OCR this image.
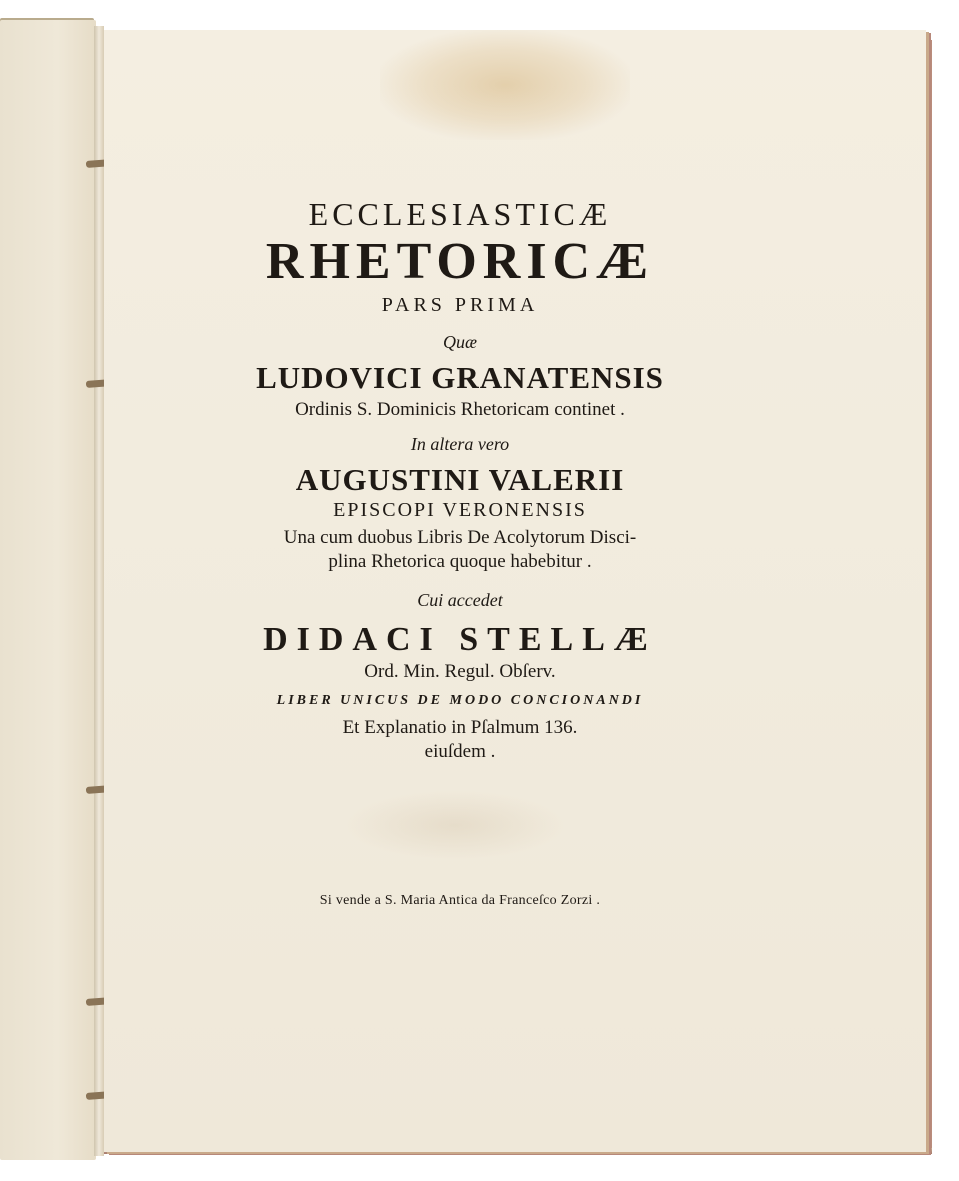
ECCLESIASTICÆ
RHETORICÆ
PARS PRIMA
Quæ
LUDOVICI GRANATENSIS
Ordinis S. Dominicis Rhetoricam continet .
In altera vero
AUGUSTINI VALERII
EPISCOPI VERONENSIS
Una cum duobus Libris De Acolytorum Disci-
plina Rhetorica quoque habebitur .
Cui accedet
DIDACI STELLÆ
Ord. Min. Regul. Obſerv.
LIBER UNICUS DE MODO CONCIONANDI
Et Explanatio in Pſalmum 136.
eiuſdem .
Si vende a S. Maria Antica da Franceſco Zorzi .
